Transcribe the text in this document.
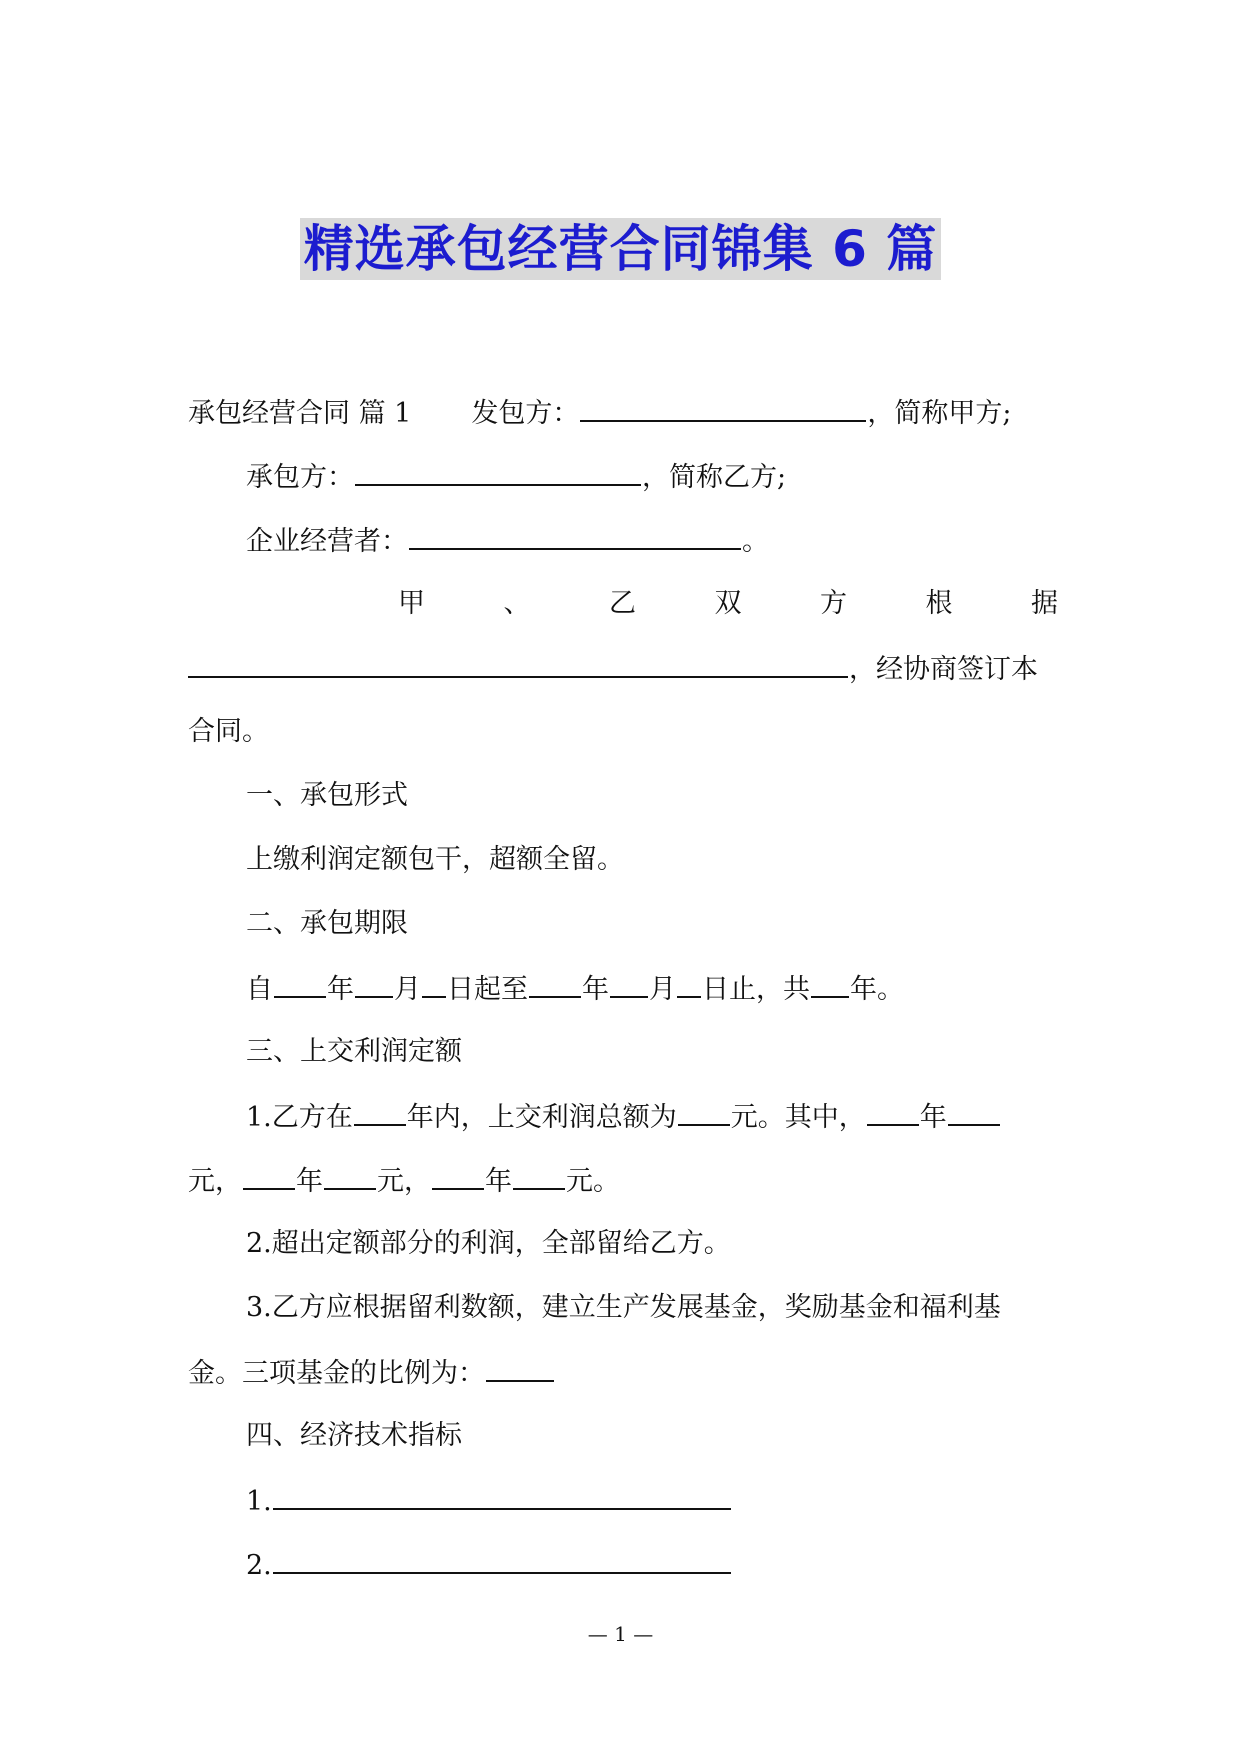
精选承包经营合同锦集 6 篇
承包经营合同 篇 1 发包方：	，简称甲方;
承包方：	，简称乙方;
企业经营者：	。
甲	、	乙	双	方	根	据
，经协商签订本
合同。
一、承包形式
上缴利润定额包干，超额全留。
二、承包期限
自 年 月 日起至 年 月 日止，共 年。
三、上交利润定额
1.乙方在 年内，上交利润总额为 元。其中， 年
元， 年 元， 年 元。
2.超出定额部分的利润，全部留给乙方。
3.乙方应根据留利数额，建立生产发展基金，奖励基金和福利基
金。三项基金的比例为：
四、经济技术指标
1.
2.
— 1 —
